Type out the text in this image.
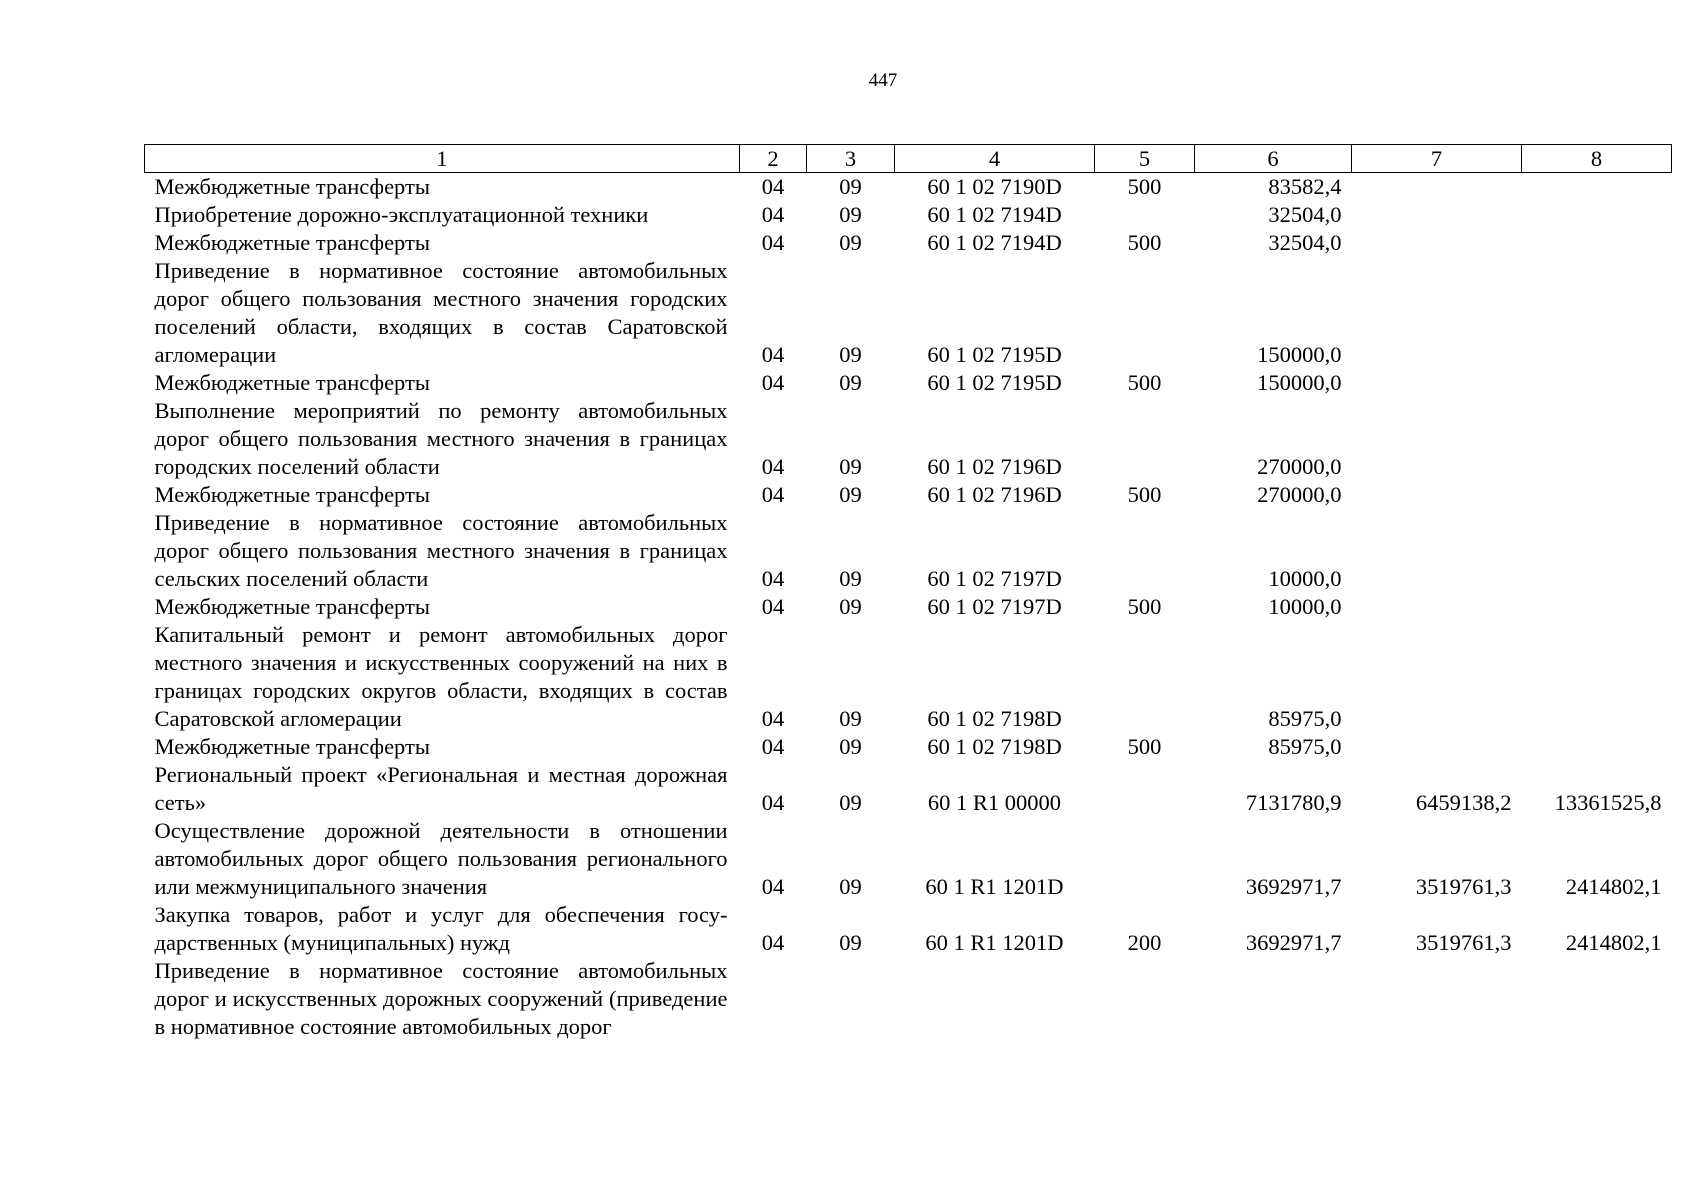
447
1	2	3	4	5	6	7	8
Межбюджетные трансферты	04	09	60 1 02 7190D	500	83582,4		
Приобретение дорожно-эксплуатационной техники	04	09	60 1 02 7194D		32504,0		
Межбюджетные трансферты	04	09	60 1 02 7194D	500	32504,0		
Приведение в нормативное состояние автомобильных дорог общего пользования местного значения городских поселений области, входящих в состав Саратовской агломерации	04	09	60 1 02 7195D		150000,0		
Межбюджетные трансферты	04	09	60 1 02 7195D	500	150000,0		
Выполнение мероприятий по ремонту автомобильных дорог общего пользования местного значения в границах городских поселений области	04	09	60 1 02 7196D		270000,0		
Межбюджетные трансферты	04	09	60 1 02 7196D	500	270000,0		
Приведение в нормативное состояние автомобильных дорог общего пользования местного значения в границах сельских поселений области	04	09	60 1 02 7197D		10000,0		
Межбюджетные трансферты	04	09	60 1 02 7197D	500	10000,0		
Капитальный ремонт и ремонт автомобильных дорог местного значения и искусственных сооружений на них в границах городских округов области, входящих в состав Саратовской агломерации	04	09	60 1 02 7198D		85975,0		
Межбюджетные трансферты	04	09	60 1 02 7198D	500	85975,0		
Региональный проект «Региональная и местная дорожная сеть»	04	09	60 1 R1 00000		7131780,9	6459138,2	13361525,8
Осуществление дорожной деятельности в отношении автомобильных дорог общего пользования регионального или межмуниципального значения	04	09	60 1 R1 1201D		3692971,7	3519761,3	2414802,1
Закупка товаров, работ и услуг для обеспечения государственных (муниципальных) нужд	04	09	60 1 R1 1201D	200	3692971,7	3519761,3	2414802,1
Приведение в нормативное состояние автомобильных дорог и искусственных дорожных сооружений (приведение в нормативное состояние автомобильных дорог							
